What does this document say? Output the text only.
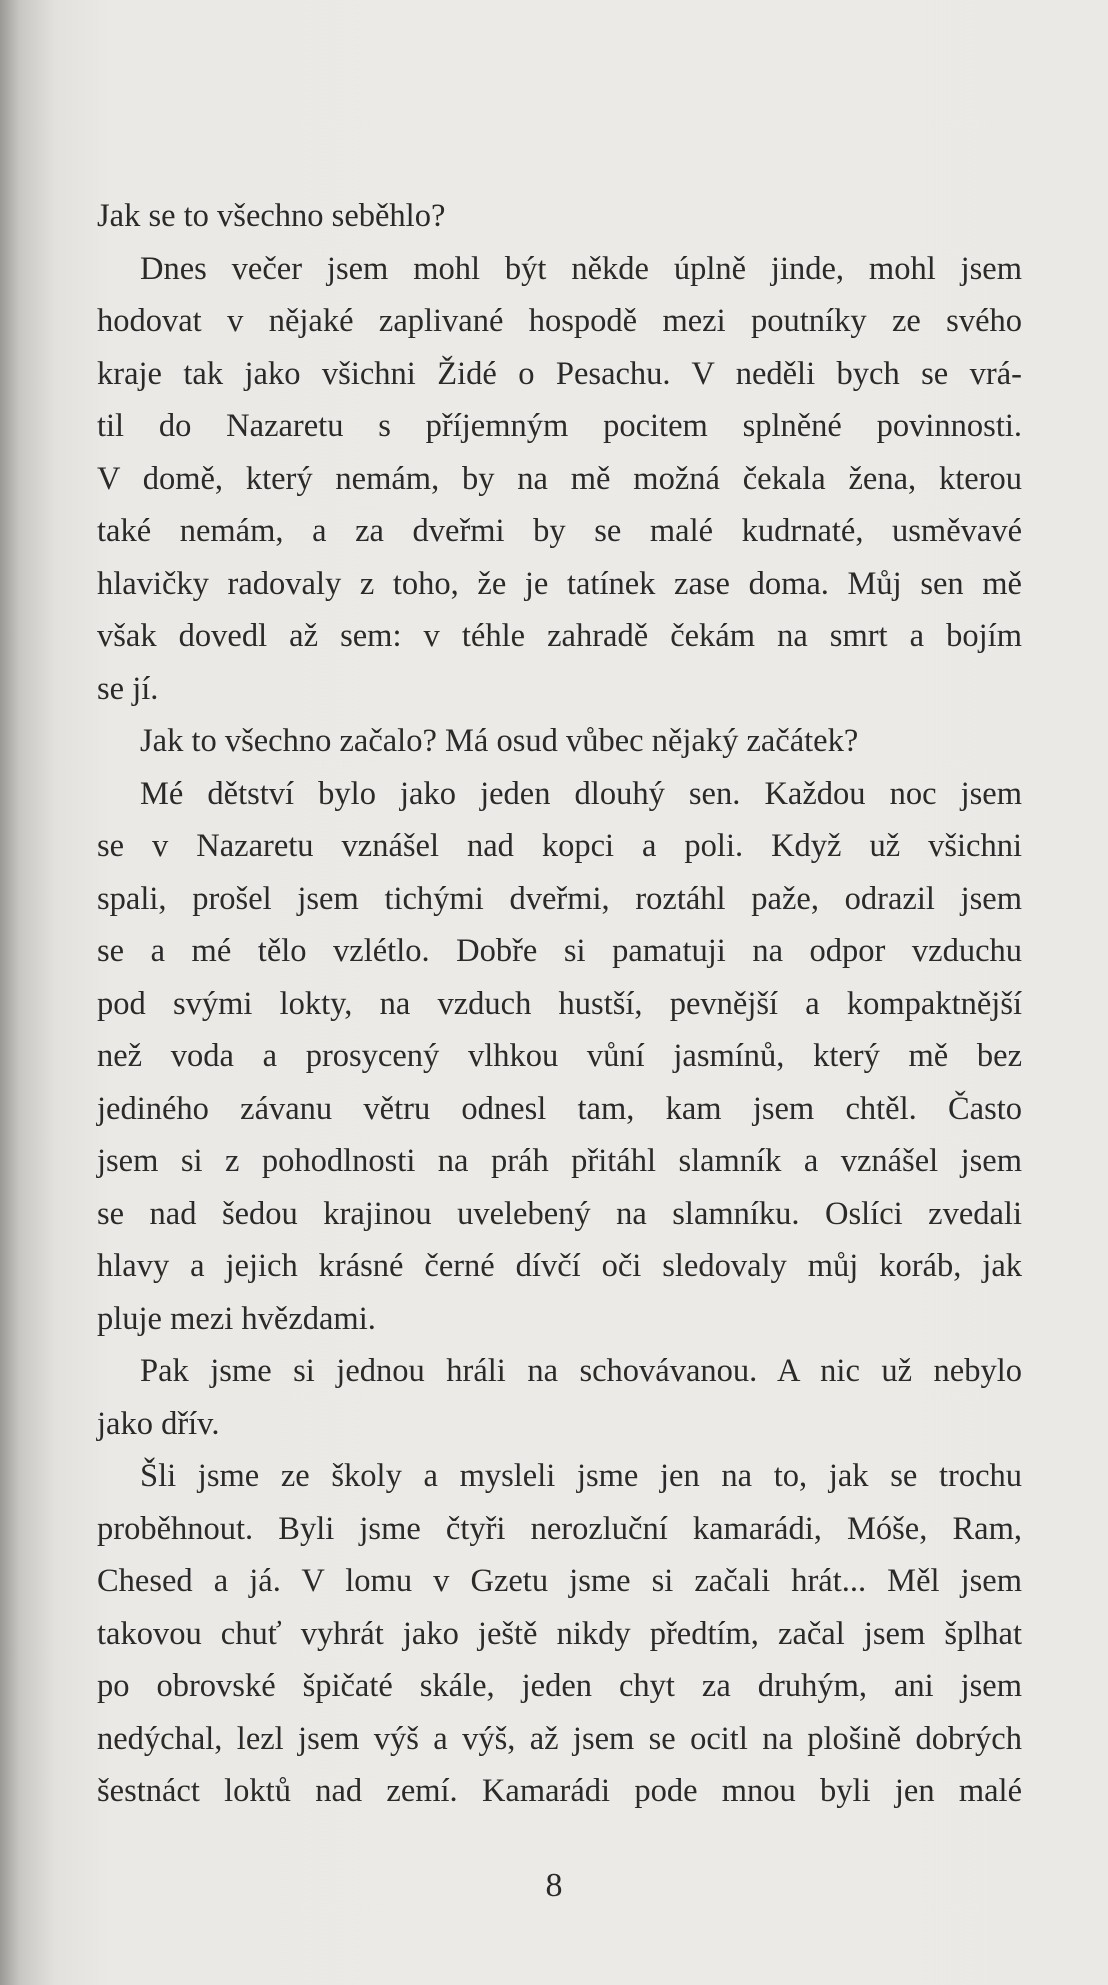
Jak se to všechno seběhlo?
Dnes večer jsem mohl být někde úplně jinde, mohl jsem
hodovat v nějaké zaplivané hospodě mezi poutníky ze svého
kraje tak jako všichni Židé o Pesachu. V neděli bych se vrá-
til do Nazaretu s příjemným pocitem splněné povinnosti.
V domě, který nemám, by na mě možná čekala žena, kterou
také nemám, a za dveřmi by se malé kudrnaté, usměvavé
hlavičky radovaly z toho, že je tatínek zase doma. Můj sen mě
však dovedl až sem: v téhle zahradě čekám na smrt a bojím
se jí.
Jak to všechno začalo? Má osud vůbec nějaký začátek?
Mé dětství bylo jako jeden dlouhý sen. Každou noc jsem
se v Nazaretu vznášel nad kopci a poli. Když už všichni
spali, prošel jsem tichými dveřmi, roztáhl paže, odrazil jsem
se a mé tělo vzlétlo. Dobře si pamatuji na odpor vzduchu
pod svými lokty, na vzduch hustší, pevnější a kompaktnější
než voda a prosycený vlhkou vůní jasmínů, který mě bez
jediného závanu větru odnesl tam, kam jsem chtěl. Často
jsem si z pohodlnosti na práh přitáhl slamník a vznášel jsem
se nad šedou krajinou uvelebený na slamníku. Oslíci zvedali
hlavy a jejich krásné černé dívčí oči sledovaly můj koráb, jak
pluje mezi hvězdami.
Pak jsme si jednou hráli na schovávanou. A nic už nebylo
jako dřív.
Šli jsme ze školy a mysleli jsme jen na to, jak se trochu
proběhnout. Byli jsme čtyři nerozluční kamarádi, Móše, Ram,
Chesed a já. V lomu v Gzetu jsme si začali hrát... Měl jsem
takovou chuť vyhrát jako ještě nikdy předtím, začal jsem šplhat
po obrovské špičaté skále, jeden chyt za druhým, ani jsem
nedýchal, lezl jsem výš a výš, až jsem se ocitl na plošině dobrých
šestnáct loktů nad zemí. Kamarádi pode mnou byli jen malé
8
